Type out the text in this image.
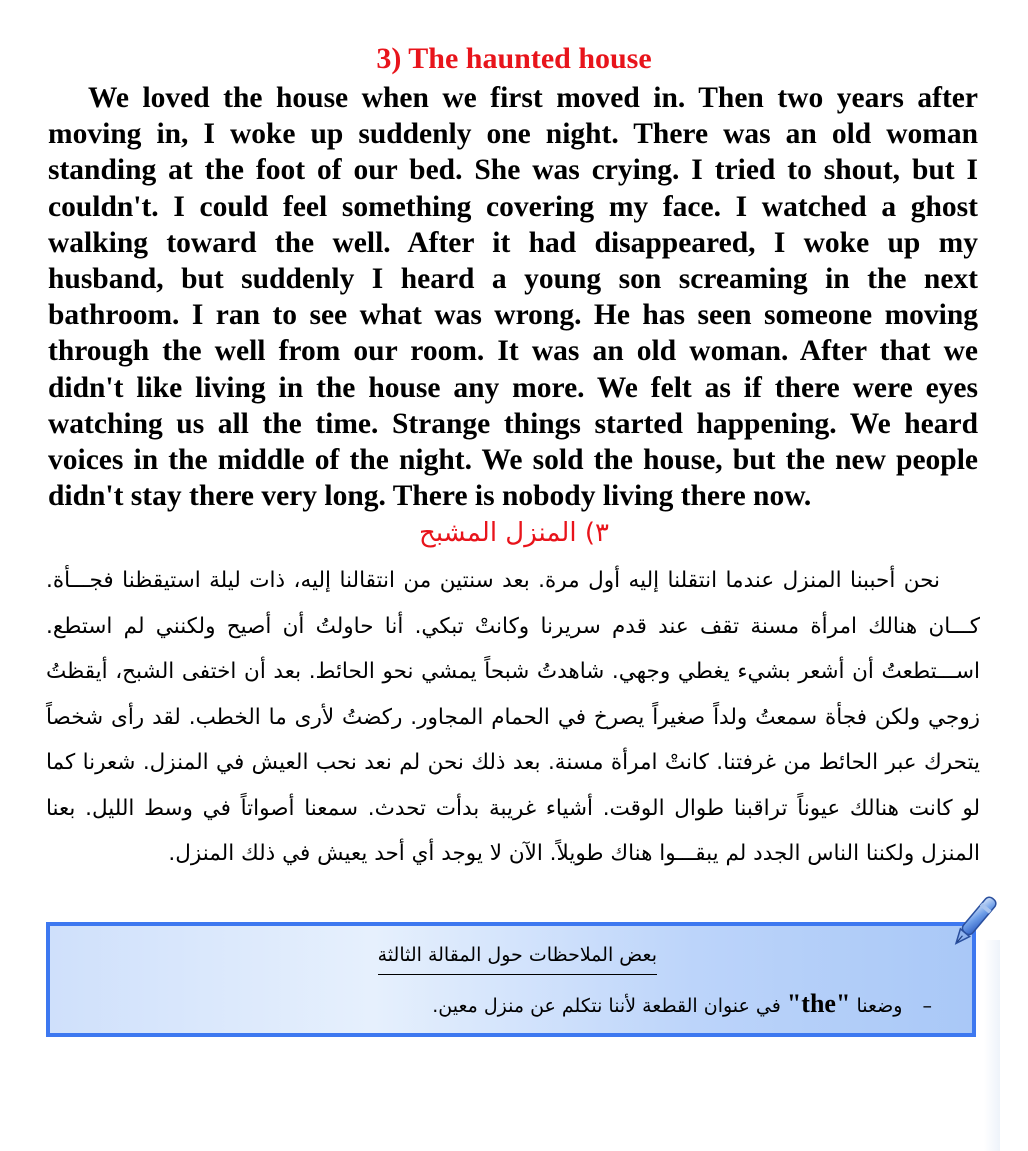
3) The haunted house

We loved the house when we first moved in. Then two years after moving in, I woke up suddenly one night. There was an old woman standing at the foot of our bed. She was crying. I tried to shout, but I couldn't. I could feel something covering my face. I watched a ghost walking toward the well. After it had disappeared, I woke up my husband, but suddenly I heard a young son screaming in the next bathroom. I ran to see what was wrong. He has seen someone moving through the well from our room. It was an old woman. After that we didn't like living in the house any more. We felt as if there were eyes watching us all the time. Strange things started happening. We heard voices in the middle of the night. We sold the house, but the new people didn't stay there very long. There is nobody living there now.

٣) المنزل المشبح

نحن أحببنا المنزل عندما انتقلنا إليه أول مرة. بعد سنتين من انتقالنا إليه، ذات ليلة استيقظنا فجـــأة. كـــان هنالك امرأة مسنة تقف عند قدم سريرنا وكانتْ تبكي. أنا حاولتُ أن أصيح ولكنني لم استطع. اســـتطعتُ أن أشعر بشيء يغطي وجهي. شاهدتُ شبحاً يمشي نحو الحائط. بعد أن اختفى الشبح، أيقظتُ زوجي ولكن فجأة سمعتُ ولداً صغيراً يصرخ في الحمام المجاور. ركضتُ لأرى ما الخطب. لقد رأى شخصاً يتحرك عبر الحائط من غرفتنا. كانتْ امرأة مسنة. بعد ذلك نحن لم نعد نحب العيش في المنزل. شعرنا كما لو كانت هنالك عيوناً تراقبنا طوال الوقت. أشياء غريبة بدأت تحدث. سمعنا أصواتاً في وسط الليل. بعنا المنزل ولكننا الناس الجدد لم يبقـــوا هناك طويلاً. الآن لا يوجد أي أحد يعيش في ذلك المنزل.

بعض الملاحظات حول المقالة الثالثة
– وضعنا "the" في عنوان القطعة لأننا نتكلم عن منزل معين.
